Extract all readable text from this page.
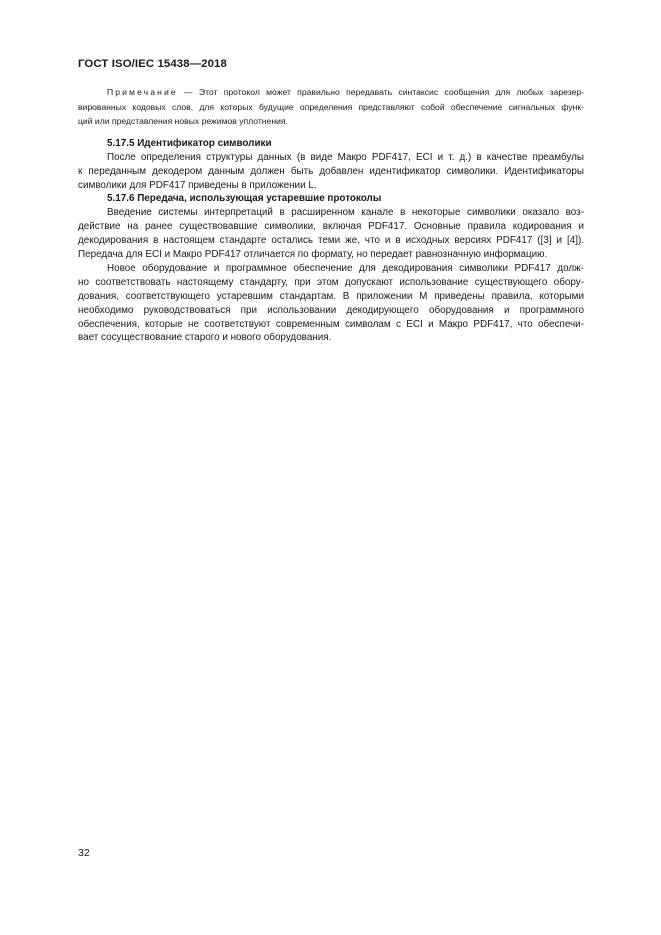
ГОСТ ISO/IEC 15438—2018
Примечание — Этот протокол может правильно передавать синтаксис сообщения для любых зарезер-
вированных кодовых слов, для которых будущие определения представляют собой обеспечение сигнальных функ-
ций или представления новых режимов уплотнения.
5.17.5 Идентификатор символики
После определения структуры данных (в виде Макро PDF417, ECI и т. д.) в качестве преамбулы
к переданным декодером данным должен быть добавлен идентификатор символики. Идентификаторы
символики для PDF417 приведены в приложении L.
5.17.6 Передача, использующая устаревшие протоколы
Введение системы интерпретаций в расширенном канале в некоторые символики оказало воз-
действие на ранее существовавшие символики, включая PDF417. Основные правила кодирования и
декодирования в настоящем стандарте остались теми же, что и в исходных версиях PDF417 ([3] и [4]).
Передача для ECI и Макро PDF417 отличается по формату, но передает равнозначную информацию.
Новое оборудование и программное обеспечение для декодирования символики PDF417 долж-
но соответствовать настоящему стандарту, при этом допускают использование существующего обору-
дования, соответствующего устаревшим стандартам. В приложении М приведены правила, которыми
необходимо руководствоваться при использовании декодирующего оборудования и программного
обеспечения, которые не соответствуют современным символам с ECI и Макро PDF417, что обеспечи-
вает сосуществование старого и нового оборудования.
32
